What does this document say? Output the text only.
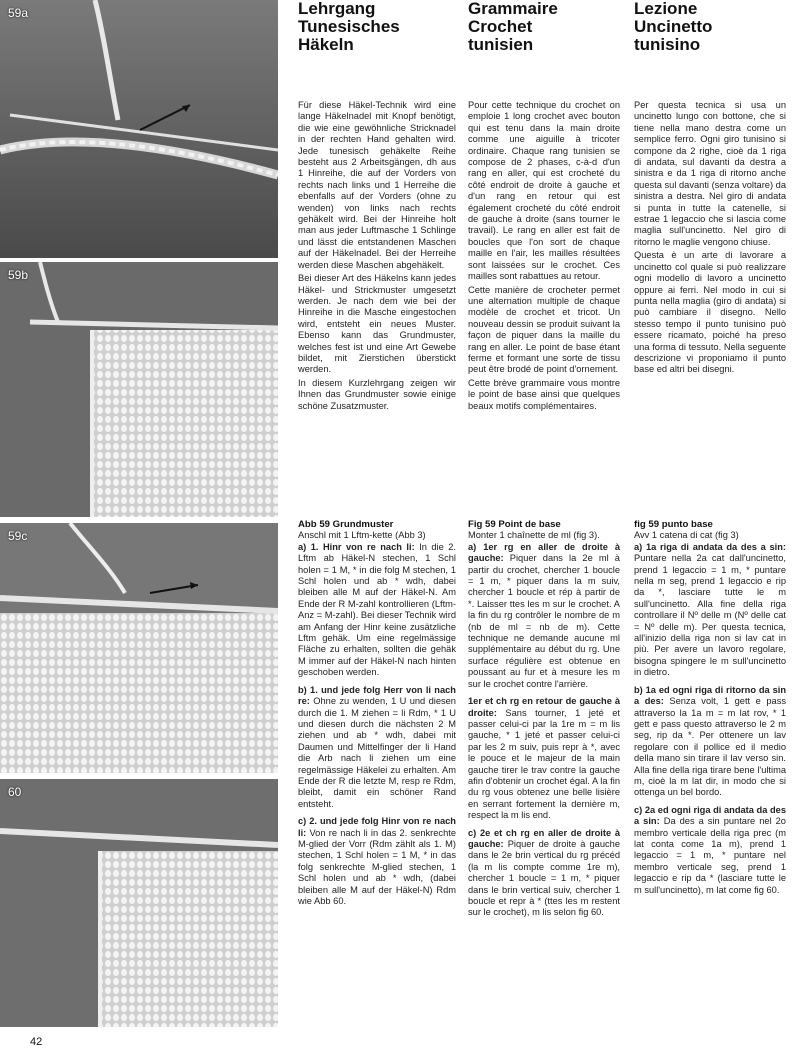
59a
59b
59c
60
42
Lehrgang
Tunesisches
Häkeln

Für diese Häkel-Technik wird eine lange Häkelnadel mit Knopf benötigt, die wie eine gewöhnliche Stricknadel in der rechten Hand gehalten wird. Jede tunesisch gehäkelte Reihe besteht aus 2 Arbeitsgängen, dh aus 1 Hinreihe, die auf der Vorders von rechts nach links und 1 Herreihe die ebenfalls auf der Vorders (ohne zu wenden) von links nach rechts gehäkelt wird. Bei der Hinreihe holt man aus jeder Luftmasche 1 Schlinge und lässt die entstandenen Maschen auf der Häkelnadel. Bei der Herreihe werden diese Maschen abgehäkelt.

Bei dieser Art des Häkelns kann jedes Häkel- und Strickmuster umgesetzt werden. Je nach dem wie bei der Hinreihe in die Masche eingestochen wird, entsteht ein neues Muster. Ebenso kann das Grundmuster, welches fest ist und eine Art Gewebe bildet, mit Zierstichen überstickt werden.

In diesem Kurzlehrgang zeigen wir Ihnen das Grundmuster sowie einige schöne Zusatzmuster.

Abb 59 Grundmuster

Anschl mit 1 Lftm-kette (Abb 3)

a) 1. Hinr von re nach li: In die 2. Lftm ab Häkel-N stechen, 1 Schl holen = 1 M, * in die folg M stechen, 1 Schl holen und ab * wdh, dabei bleiben alle M auf der Häkel-N. Am Ende der R M-zahl kontrollieren (Lftm-Anz = M-zahl). Bei dieser Technik wird am Anfang der Hinr keine zusätzliche Lftm gehäk. Um eine regelmässige Fläche zu erhalten, sollten die gehäk M immer auf der Häkel-N nach hinten geschoben werden.

b) 1. und jede folg Herr von li nach re: Ohne zu wenden, 1 U und diesen durch die 1. M ziehen = li Rdm, * 1 U und diesen durch die nächsten 2 M ziehen und ab * wdh, dabei mit Daumen und Mittelfinger der li Hand die Arb nach li ziehen um eine regelmässige Häkelei zu erhalten. Am Ende der R die letzte M, resp re Rdm, bleibt, damit ein schöner Rand entsteht.

c) 2. und jede folg Hinr von re nach li: Von re nach li in das 2. senkrechte M-glied der Vorr (Rdm zählt als 1. M) stechen, 1 Schl holen = 1 M, * in das folg senkrechte M-glied stechen, 1 Schl holen und ab * wdh, (dabei bleiben alle M auf der Häkel-N) Rdm wie Abb 60.

Grammaire
Crochet
tunisien

Pour cette technique du crochet on emploie 1 long crochet avec bouton qui est tenu dans la main droite comme une aiguille à tricoter ordinaire. Chaque rang tunisien se compose de 2 phases, c-à-d d'un rang en aller, qui est crocheté du côté endroit de droite à gauche et d'un rang en retour qui est également crocheté du côté endroit de gauche à droite (sans tourner le travail). Le rang en aller est fait de boucles que l'on sort de chaque maille en l'air, les mailles résultées sont laissées sur le crochet. Ces mailles sont rabattues au retour.

Cette manière de crocheter permet une alternation multiple de chaque modèle de crochet et tricot. Un nouveau dessin se produit suivant la façon de piquer dans la maille du rang en aller. Le point de base étant ferme et formant une sorte de tissu peut être brodé de point d'ornement.

Cette brève grammaire vous montre le point de base ainsi que quelques beaux motifs complémentaires.

Fig 59 Point de base

Monter 1 chaînette de ml (fig 3).

a) 1er rg en aller de droite à gauche: Piquer dans la 2e ml à partir du crochet, chercher 1 boucle = 1 m, * piquer dans la m suiv, chercher 1 boucle et rép à partir de *. Laisser ttes les m sur le crochet. A la fin du rg contrôler le nombre de m (nb de ml = nb de m). Cette technique ne demande aucune ml supplémentaire au début du rg. Une surface régulière est obtenue en poussant au fur et à mesure les m sur le crochet contre l'arrière.

1er et ch rg en retour de gauche à droite: Sans tourner, 1 jeté et passer celui-ci par la 1re m = m lis gauche, * 1 jeté et passer celui-ci par les 2 m suiv, puis repr à *, avec le pouce et le majeur de la main gauche tirer le trav contre la gauche afin d'obtenir un crochet égal. A la fin du rg vous obtenez une belle lisière en serrant fortement la dernière m, respect la m lis end.

c) 2e et ch rg en aller de droite à gauche: Piquer de droite à gauche dans le 2e brin vertical du rg précéd (la m lis compte comme 1re m), chercher 1 boucle = 1 m, * piquer dans le brin vertical suiv, chercher 1 boucle et repr à * (ttes les m restent sur le crochet), m lis selon fig 60.

Lezione
Uncinetto
tunisino

Per questa tecnica si usa un uncinetto lungo con bottone, che si tiene nella mano destra come un semplice ferro. Ogni giro tunisino si compone da 2 righe, cioè da 1 riga di andata, sul davanti da destra a sinistra e da 1 riga di ritorno anche questa sul davanti (senza voltare) da sinistra a destra. Nel giro di andata si punta in tutte la catenelle, si estrae 1 legaccio che si lascia come maglia sull'uncinetto. Nel giro di ritorno le maglie vengono chiuse.

Questa è un arte di lavorare a uncinetto col quale si può realizzare ogni modello di lavoro a uncinetto oppure ai ferri. Nel modo in cui si punta nella maglia (giro di andata) si può cambiare il disegno. Nello stesso tempo il punto tunisino può essere ricamato, poiché ha preso una forma di tessuto. Nella seguente descrizione vi proponiamo il punto base ed altri bei disegni.

fig 59 punto base

Avv 1 catena di cat (fig 3)

a) 1a riga di andata da des a sin: Puntare nella 2a cat dall'uncinetto, prend 1 legaccio = 1 m, * puntare nella m seg, prend 1 legaccio e rip da *, lasciare tutte le m sull'uncinetto. Alla fine della riga controllare il Nº delle m (Nº delle cat = Nº delle m). Per questa tecnica, all'inizio della riga non si lav cat in più. Per avere un lavoro regolare, bisogna spingere le m sull'uncinetto in dietro.

b) 1a ed ogni riga di ritorno da sin a des: Senza volt, 1 gett e pass attraverso la 1a m = m lat rov, * 1 gett e pass questo attraverso le 2 m seg, rip da *. Per ottenere un lav regolare con il pollice ed il medio della mano sin tirare il lav verso sin. Alla fine della riga tirare bene l'ultima m, cioè la m lat dir, in modo che si ottenga un bel bordo.

c) 2a ed ogni riga di andata da des a sin: Da des a sin puntare nel 2o membro verticale della riga prec (m lat conta come 1a m), prend 1 legaccio = 1 m, * puntare nel membro verticale seg, prend 1 legaccio e rip da * (lasciare tutte le m sull'uncinetto), m lat come fig 60.
